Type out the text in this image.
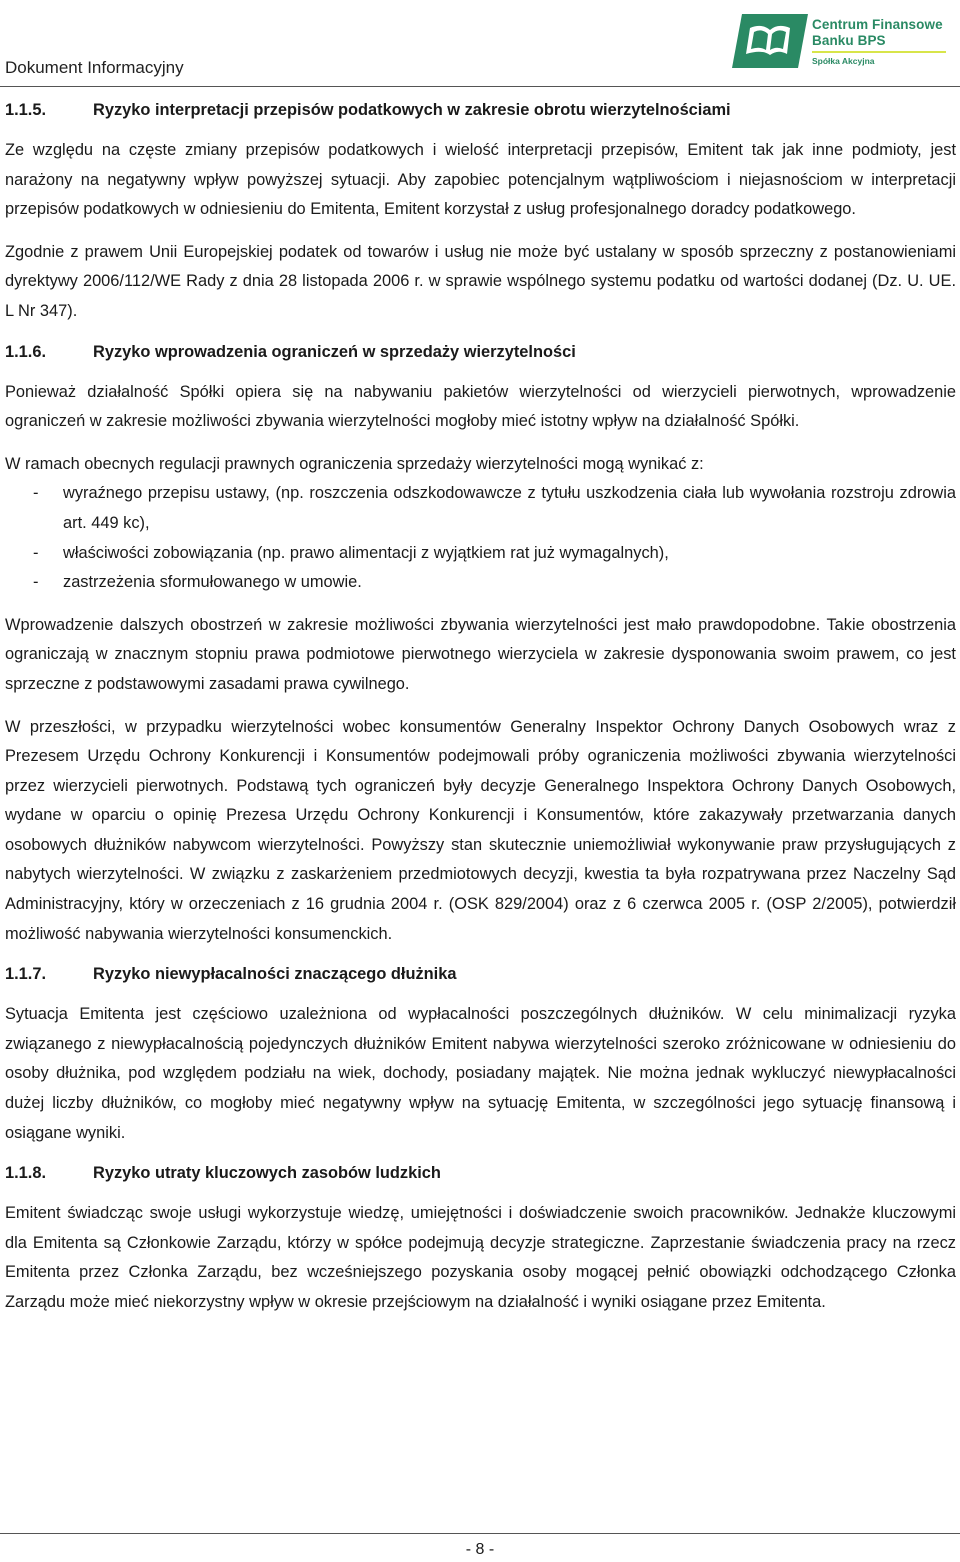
Dokument Informacyjny
Centrum Finansowe
Banku BPS
Spółka Akcyjna
1.1.5.	Ryzyko interpretacji przepisów podatkowych w zakresie obrotu wierzytelnościami

Ze względu na częste zmiany przepisów podatkowych i wielość interpretacji przepisów, Emitent tak jak inne podmioty, jest narażony na negatywny wpływ powyższej sytuacji. Aby zapobiec potencjalnym wątpliwościom i niejasnościom w interpretacji przepisów podatkowych w odniesieniu do Emitenta, Emitent korzystał z usług profesjonalnego doradcy podatkowego.

Zgodnie z prawem Unii Europejskiej podatek od towarów i usług nie może być ustalany w sposób sprzeczny z postanowieniami dyrektywy 2006/112/WE Rady z dnia 28 listopada 2006 r. w sprawie wspólnego systemu podatku od wartości dodanej (Dz. U. UE. L Nr 347).

1.1.6.	Ryzyko wprowadzenia ograniczeń w sprzedaży wierzytelności

Ponieważ działalność Spółki opiera się na nabywaniu pakietów wierzytelności od wierzycieli pierwotnych, wprowadzenie ograniczeń w zakresie możliwości zbywania wierzytelności mogłoby mieć istotny wpływ na działalność Spółki.

W ramach obecnych regulacji prawnych ograniczenia sprzedaży wierzytelności mogą wynikać z:

- wyraźnego przepisu ustawy, (np. roszczenia odszkodowawcze z tytułu uszkodzenia ciała lub wywołania rozstroju zdrowia art. 449 kc),
- właściwości zobowiązania (np. prawo alimentacji z wyjątkiem rat już wymagalnych),
- zastrzeżenia sformułowanego w umowie.

Wprowadzenie dalszych obostrzeń w zakresie możliwości zbywania wierzytelności jest mało prawdopodobne. Takie obostrzenia ograniczają w znacznym stopniu prawa podmiotowe pierwotnego wierzyciela w zakresie dysponowania swoim prawem, co jest sprzeczne z podstawowymi zasadami prawa cywilnego.

W przeszłości, w przypadku wierzytelności wobec konsumentów Generalny Inspektor Ochrony Danych Osobowych wraz z Prezesem Urzędu Ochrony Konkurencji i Konsumentów podejmowali próby ograniczenia możliwości zbywania wierzytelności przez wierzycieli pierwotnych. Podstawą tych ograniczeń były decyzje Generalnego Inspektora Ochrony Danych Osobowych, wydane w oparciu o opinię Prezesa Urzędu Ochrony Konkurencji i Konsumentów, które zakazywały przetwarzania danych osobowych dłużników nabywcom wierzytelności. Powyższy stan skutecznie uniemożliwiał wykonywanie praw przysługujących z nabytych wierzytelności. W związku z zaskarżeniem przedmiotowych decyzji, kwestia ta była rozpatrywana przez Naczelny Sąd Administracyjny, który w orzeczeniach z 16 grudnia 2004 r. (OSK 829/2004) oraz z 6 czerwca 2005 r. (OSP 2/2005), potwierdził możliwość nabywania wierzytelności konsumenckich.

1.1.7.	Ryzyko niewypłacalności znaczącego dłużnika

Sytuacja Emitenta jest częściowo uzależniona od wypłacalności poszczególnych dłużników. W celu minimalizacji ryzyka związanego z niewypłacalnością pojedynczych dłużników Emitent nabywa wierzytelności szeroko zróżnicowane w odniesieniu do osoby dłużnika, pod względem podziału na wiek, dochody, posiadany majątek. Nie można jednak wykluczyć niewypłacalności dużej liczby dłużników, co mogłoby mieć negatywny wpływ na sytuację Emitenta, w szczególności jego sytuację finansową i osiągane wyniki.

1.1.8.	Ryzyko utraty kluczowych zasobów ludzkich

Emitent świadcząc swoje usługi wykorzystuje wiedzę, umiejętności i doświadczenie swoich pracowników. Jednakże kluczowymi dla Emitenta są Członkowie Zarządu, którzy w spółce podejmują decyzje strategiczne. Zaprzestanie świadczenia pracy na rzecz Emitenta przez Członka Zarządu, bez wcześniejszego pozyskania osoby mogącej pełnić obowiązki odchodzącego Członka Zarządu może mieć niekorzystny wpływ w okresie przejściowym na działalność i wyniki osiągane przez Emitenta.

- 8 -
